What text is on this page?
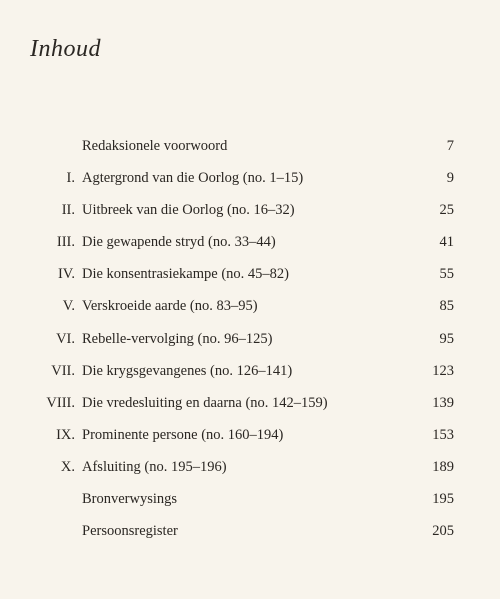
Inhoud
Redaksionele voorwoord	7
I. Agtergrond van die Oorlog (no. 1–15)	9
II. Uitbreek van die Oorlog (no. 16–32)	25
III. Die gewapende stryd (no. 33–44)	41
IV. Die konsentrasiekampe (no. 45–82)	55
V. Verskroeide aarde (no. 83–95)	85
VI. Rebelle-vervolging (no. 96–125)	95
VII. Die krygsgevangenes (no. 126–141)	123
VIII. Die vredesluiting en daarna (no. 142–159)	139
IX. Prominente persone (no. 160–194)	153
X. Afsluiting (no. 195–196)	189
Bronverwysings	195
Persoonsregister	205
